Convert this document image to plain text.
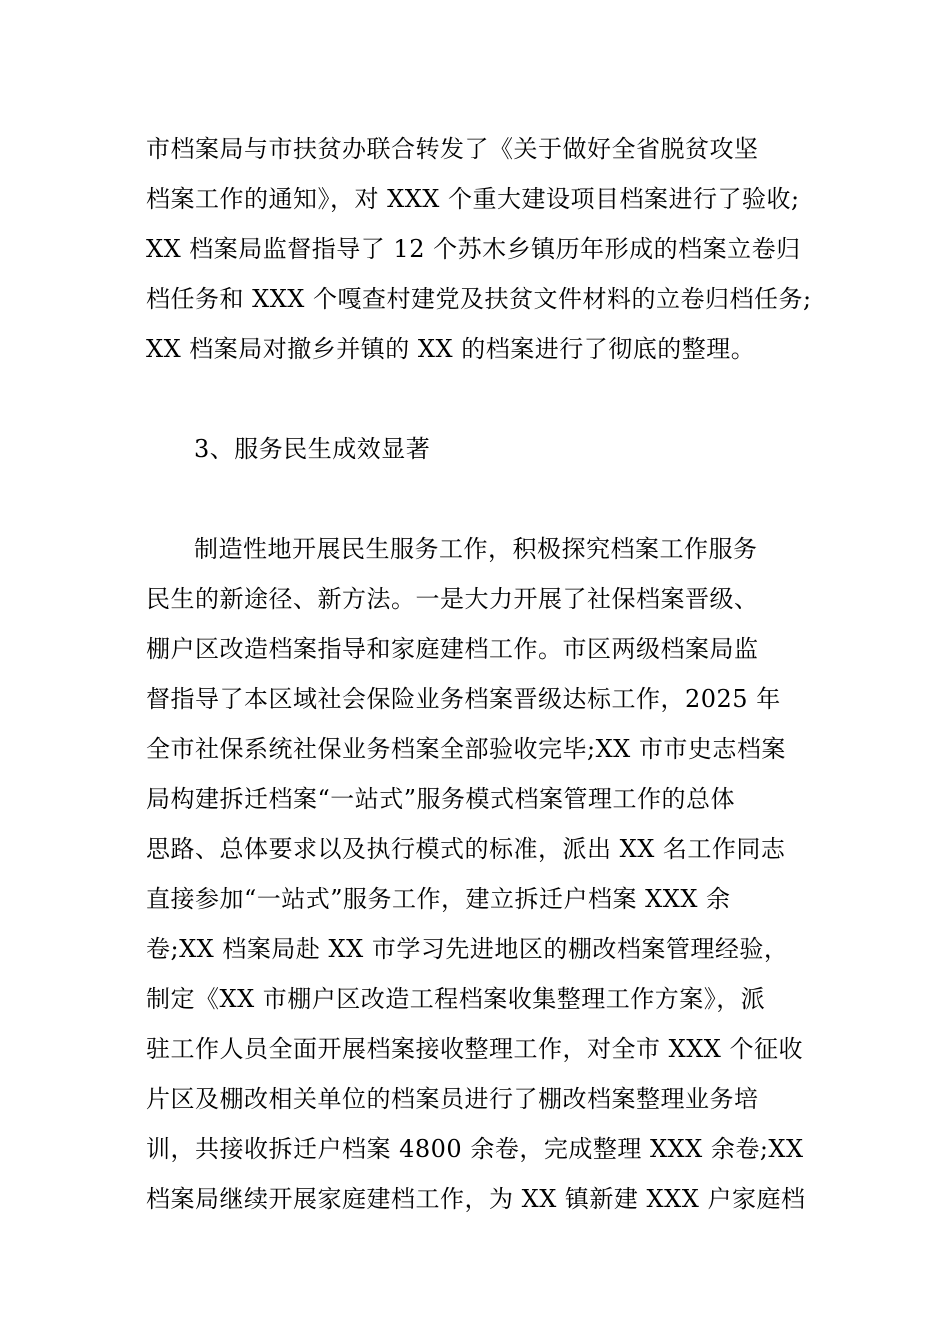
市档案局与市扶贫办联合转发了《关于做好全省脱贫攻坚
档案工作的通知》，对 XXX 个重大建设项目档案进行了验收;
XX 档案局监督指导了 12 个苏木乡镇历年形成的档案立卷归
档任务和 XXX 个嘎查村建党及扶贫文件材料的立卷归档任务;
XX 档案局对撤乡并镇的 XX 的档案进行了彻底的整理。
3、服务民生成效显著
制造性地开展民生服务工作，积极探究档案工作服务
民生的新途径、新方法。一是大力开展了社保档案晋级、
棚户区改造档案指导和家庭建档工作。市区两级档案局监
督指导了本区域社会保险业务档案晋级达标工作，2025 年
全市社保系统社保业务档案全部验收完毕;XX 市市史志档案
局构建拆迁档案“一站式”服务模式档案管理工作的总体
思路、总体要求以及执行模式的标准，派出 XX 名工作同志
直接参加“一站式”服务工作，建立拆迁户档案 XXX 余
卷;XX 档案局赴 XX 市学习先进地区的棚改档案管理经验，
制定《XX 市棚户区改造工程档案收集整理工作方案》，派
驻工作人员全面开展档案接收整理工作，对全市 XXX 个征收
片区及棚改相关单位的档案员进行了棚改档案整理业务培
训，共接收拆迁户档案 4800 余卷，完成整理 XXX 余卷;XX
档案局继续开展家庭建档工作，为 XX 镇新建 XXX 户家庭档
